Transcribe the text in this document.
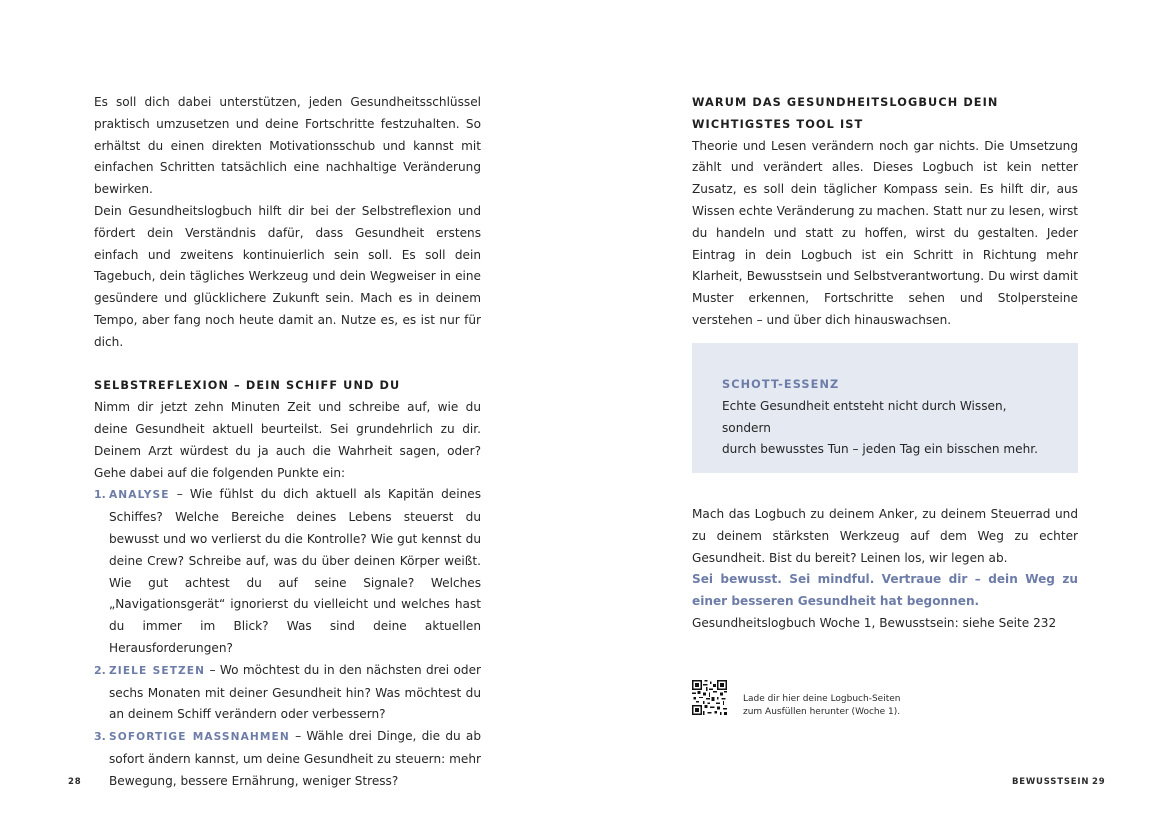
Es soll dich dabei unterstützen, jeden Gesundheitsschlüssel praktisch umzusetzen und deine Fortschritte festzuhalten. So erhältst du einen direkten Motivationsschub und kannst mit einfachen Schritten tatsächlich eine nachhaltige Veränderung bewirken.

Dein Gesundheitslogbuch hilft dir bei der Selbstreflexion und fördert dein Verständnis dafür, dass Gesundheit erstens einfach und zweitens kontinuierlich sein soll. Es soll dein Tagebuch, dein tägliches Werkzeug und dein Wegweiser in eine gesündere und glücklichere Zukunft sein. Mach es in deinem Tempo, aber fang noch heute damit an. Nutze es, es ist nur für dich.

SELBSTREFLEXION – DEIN SCHIFF UND DU

Nimm dir jetzt zehn Minuten Zeit und schreibe auf, wie du deine Gesundheit aktuell beurteilst. Sei grundehrlich zu dir. Deinem Arzt würdest du ja auch die Wahrheit sagen, oder? Gehe dabei auf die folgenden Punkte ein:

1. ANALYSE – Wie fühlst du dich aktuell als Kapitän deines Schiffes? Welche Bereiche deines Lebens steuerst du bewusst und wo verlierst du die Kontrolle? Wie gut kennst du deine Crew? Schreibe auf, was du über deinen Körper weißt. Wie gut achtest du auf seine Signale? Welches „Navigationsgerät“ ignorierst du vielleicht und welches hast du immer im Blick? Was sind deine aktuellen Herausforderungen?
2. ZIELE SETZEN – Wo möchtest du in den nächsten drei oder sechs Monaten mit deiner Gesundheit hin? Was möchtest du an deinem Schiff verändern oder verbessern?
3. SOFORTIGE MASSNAHMEN – Wähle drei Dinge, die du ab sofort ändern kannst, um deine Gesundheit zu steuern: mehr Bewegung, bessere Ernährung, weniger Stress?
WARUM DAS GESUNDHEITSLOGBUCH DEIN
WICHTIGSTES TOOL IST

Theorie und Lesen verändern noch gar nichts. Die Umsetzung zählt und verändert alles. Dieses Logbuch ist kein netter Zusatz, es soll dein täglicher Kompass sein. Es hilft dir, aus Wissen echte Veränderung zu machen. Statt nur zu lesen, wirst du handeln und statt zu hoffen, wirst du gestalten. Jeder Eintrag in dein Logbuch ist ein Schritt in Richtung mehr Klarheit, Bewusstsein und Selbstverantwortung. Du wirst damit Muster erkennen, Fortschritte sehen und Stolpersteine verstehen – und über dich hinauswachsen.

SCHOTT-ESSENZ
Echte Gesundheit entsteht nicht durch Wissen, sondern
durch bewusstes Tun – jeden Tag ein bisschen mehr.

Mach das Logbuch zu deinem Anker, zu deinem Steuerrad und zu deinem stärksten Werkzeug auf dem Weg zu echter Gesundheit. Bist du bereit? Leinen los, wir legen ab.

Sei bewusst. Sei mindful. Vertraue dir – dein Weg zu einer besseren Gesundheit hat begonnen.

Gesundheitslogbuch Woche 1, Bewusstsein: siehe Seite 232

Lade dir hier deine Logbuch-Seiten
zum Ausfüllen herunter (Woche 1).
28	BEWUSSTSEIN 29
